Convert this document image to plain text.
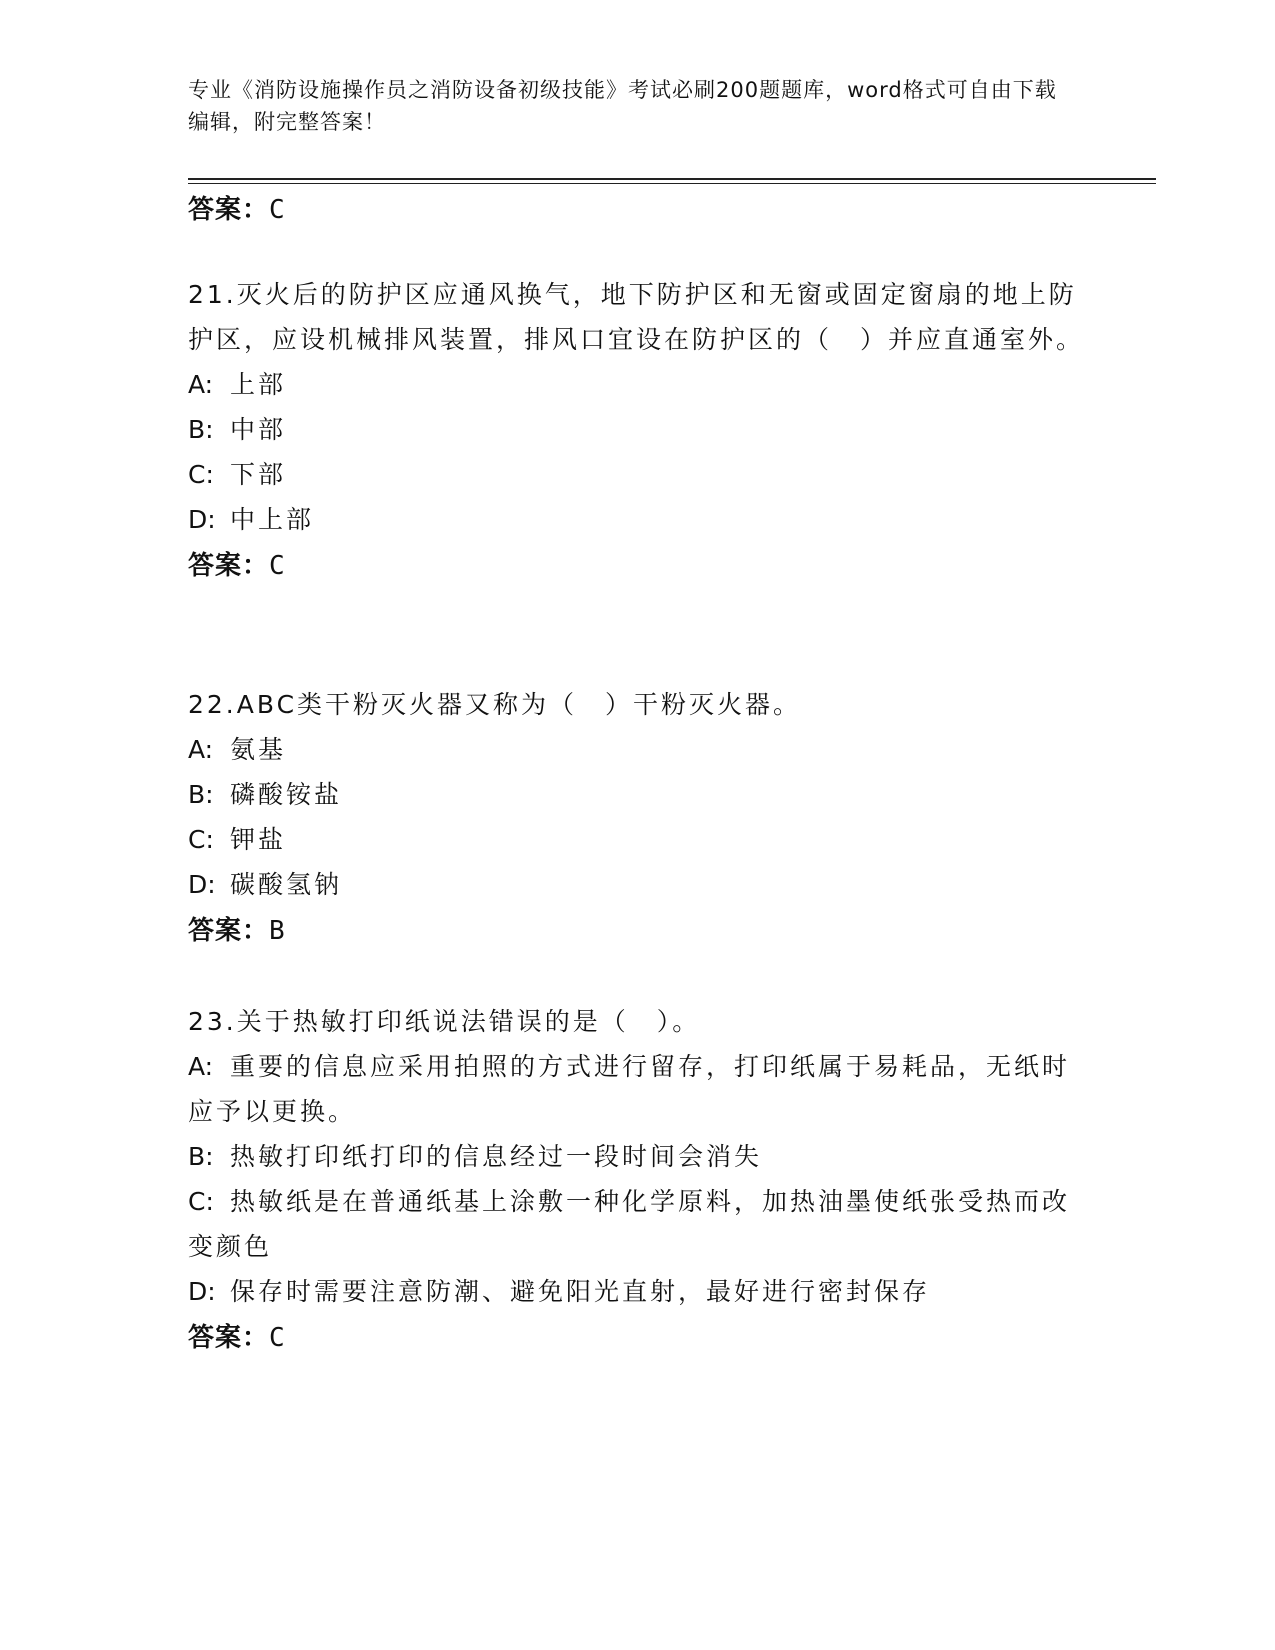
专业《消防设施操作员之消防设备初级技能》考试必刷200题题库，word格式可自由下载编辑，附完整答案！
答案：C
21.灭火后的防护区应通风换气，地下防护区和无窗或固定窗扇的地上防护区，应设机械排风装置，排风口宜设在防护区的（　）并应直通室外。
A: 上部
B: 中部
C: 下部
D: 中上部
答案：C
22.ABC类干粉灭火器又称为（　）干粉灭火器。
A: 氨基
B: 磷酸铵盐
C: 钾盐
D: 碳酸氢钠
答案：B
23.关于热敏打印纸说法错误的是（　）。
A: 重要的信息应采用拍照的方式进行留存，打印纸属于易耗品，无纸时应予以更换。
B: 热敏打印纸打印的信息经过一段时间会消失
C: 热敏纸是在普通纸基上涂敷一种化学原料，加热油墨使纸张受热而改变颜色
D: 保存时需要注意防潮、避免阳光直射，最好进行密封保存
答案：C
